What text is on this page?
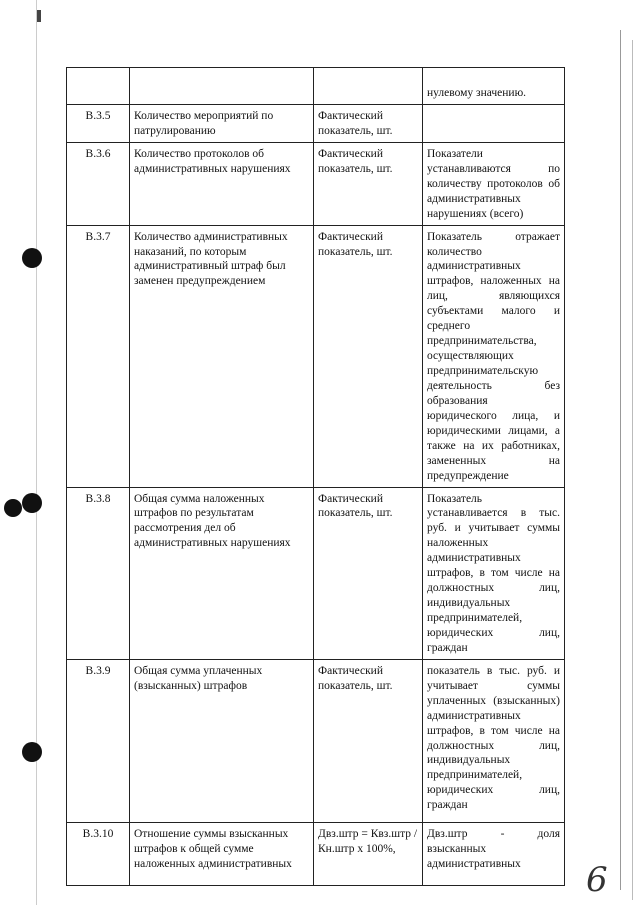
			нулевому значению.
В.3.5	Количество мероприятий по патрулированию	Фактический показатель, шт.	
В.3.6	Количество протоколов об административных нарушениях	Фактический показатель, шт.	Показатели устанавливаются по количеству протоколов об административных нарушениях (всего)
В.3.7	Количество административных наказаний, по которым административный штраф был заменен предупреждением	Фактический показатель, шт.	Показатель отражает количество административных штрафов, наложенных на лиц, являющихся субъектами малого и среднего предпринимательства, осуществляющих предпринимательскую деятельность без образования юридического лица, и юридическими лицами, а также на их работниках, замененных на предупреждение
В.3.8	Общая сумма наложенных штрафов по результатам рассмотрения дел об административных нарушениях	Фактический показатель, шт.	Показатель устанавливается в тыс. руб. и учитывает суммы наложенных административных штрафов, в том числе на должностных лиц, индивидуальных предпринимателей, юридических лиц, граждан
В.3.9	Общая сумма уплаченных (взысканных) штрафов	Фактический показатель, шт.	показатель в тыс. руб. и учитывает суммы уплаченных (взысканных) административных штрафов, в том числе на должностных лиц, индивидуальных предпринимателей, юридических лиц, граждан
В.3.10	Отношение суммы взысканных штрафов к общей сумме наложенных административных	Двз.штр = Квз.штр / Кн.штр x 100%,	Двз.штр - доля взысканных административных 6
